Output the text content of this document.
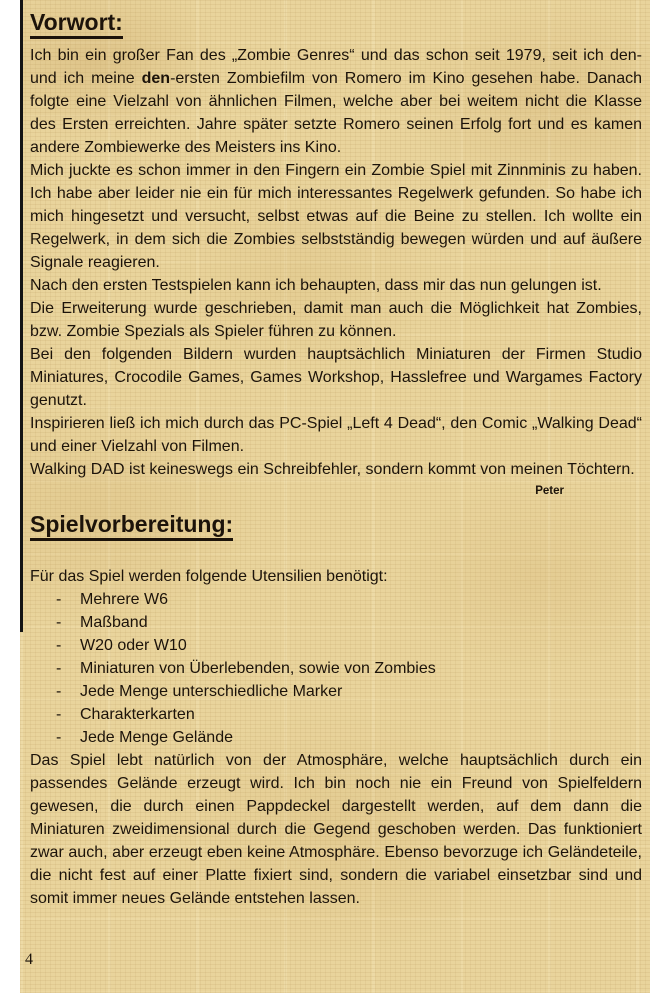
Vorwort:

Ich bin ein großer Fan des „Zombie Genres“ und das schon seit 1979, seit ich den- und ich meine den-ersten Zombiefilm von Romero im Kino gesehen habe. Danach folgte eine Vielzahl von ähnlichen Filmen, welche aber bei weitem nicht die Klasse des Ersten erreichten. Jahre später setzte Romero seinen Erfolg fort und es kamen andere Zombiewerke des Meisters ins Kino.

Mich juckte es schon immer in den Fingern ein Zombie Spiel mit Zinnminis zu haben. Ich habe aber leider nie ein für mich interessantes Regelwerk gefunden. So habe ich mich hingesetzt und versucht, selbst etwas auf die Beine zu stellen. Ich wollte ein Regelwerk, in dem sich die Zombies selbstständig bewegen würden und auf äußere Signale reagieren.

Nach den ersten Testspielen kann ich behaupten, dass mir das nun gelungen ist.

Die Erweiterung wurde geschrieben, damit man auch die Möglichkeit hat Zombies, bzw. Zombie Spezials als Spieler führen zu können.

Bei den folgenden Bildern wurden hauptsächlich Miniaturen der Firmen Studio Miniatures, Crocodile Games, Games Workshop, Hasslefree und Wargames Factory genutzt.

Inspirieren ließ ich mich durch das PC-Spiel „Left 4 Dead“, den Comic „Walking Dead“ und einer Vielzahl von Filmen.

Walking DAD ist keineswegs ein Schreibfehler, sondern kommt von meinen Töchtern.

Peter
Spielvorbereitung:

Für das Spiel werden folgende Utensilien benötigt:

-	Mehrere W6
-	Maßband
-	W20 oder W10
-	Miniaturen von Überlebenden, sowie von Zombies
-	Jede Menge unterschiedliche Marker
-	Charakterkarten
-	Jede Menge Gelände

Das Spiel lebt natürlich von der Atmosphäre, welche hauptsächlich durch ein passendes Gelände erzeugt wird. Ich bin noch nie ein Freund von Spielfeldern gewesen, die durch einen Pappdeckel dargestellt werden, auf dem dann die Miniaturen zweidimensional durch die Gegend geschoben werden. Das funktioniert zwar auch, aber erzeugt eben keine Atmosphäre. Ebenso bevorzuge ich Geländeteile, die nicht fest auf einer Platte fixiert sind, sondern die variabel einsetzbar sind und somit immer neues Gelände entstehen lassen.

4
